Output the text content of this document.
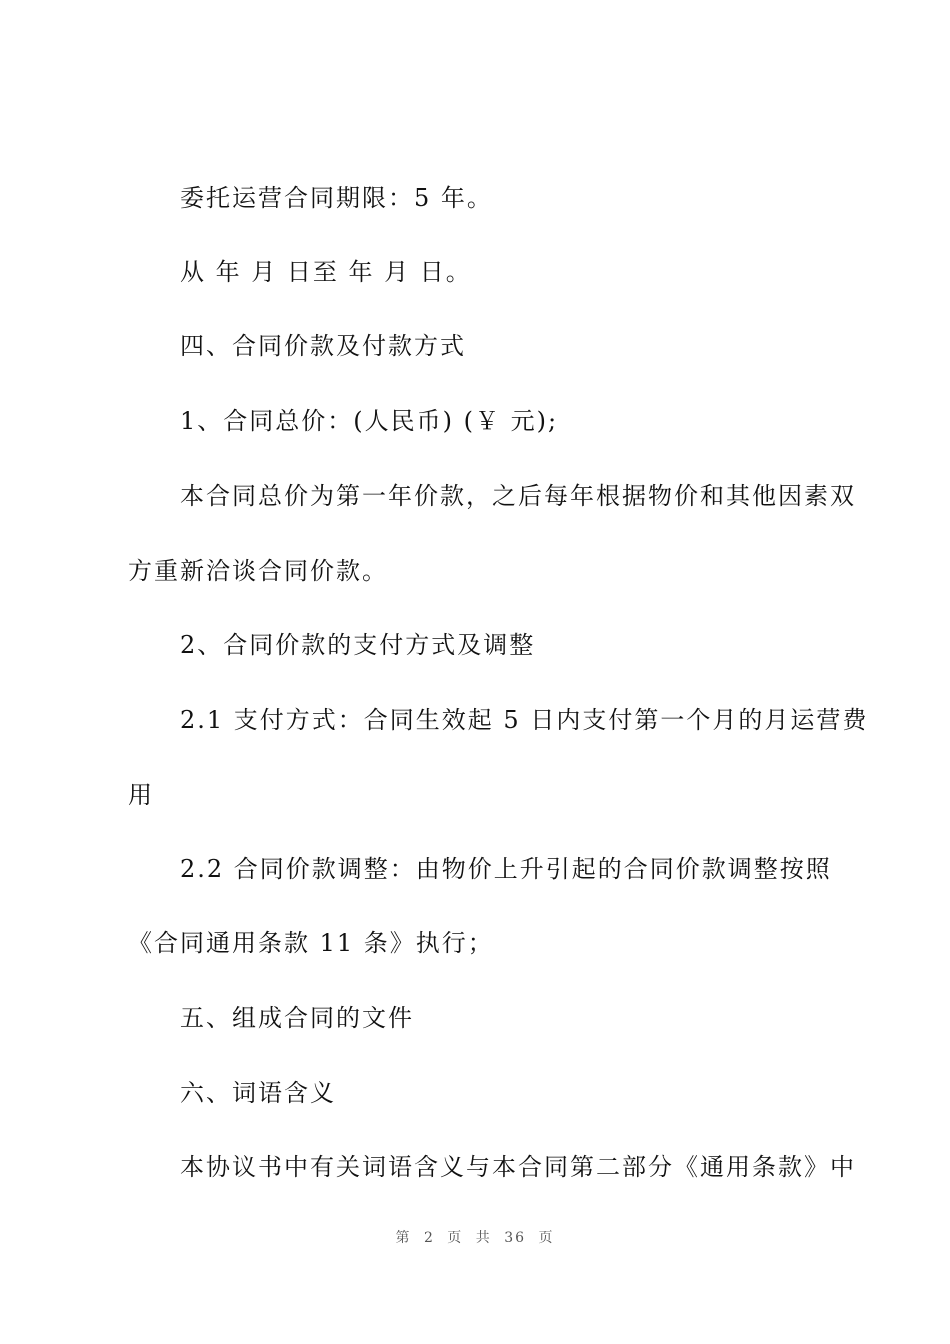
委托运营合同期限：5 年。
从 年 月 日至 年 月 日。
四、合同价款及付款方式
1、合同总价：(人民币) (￥ 元);
本合同总价为第一年价款，之后每年根据物价和其他因素双
方重新洽谈合同价款。
2、合同价款的支付方式及调整
2.1 支付方式：合同生效起 5 日内支付第一个月的月运营费
用
2.2 合同价款调整：由物价上升引起的合同价款调整按照
《合同通用条款 11 条》执行；
五、组成合同的文件
六、词语含义
本协议书中有关词语含义与本合同第二部分《通用条款》中
第 2 页 共 36 页
